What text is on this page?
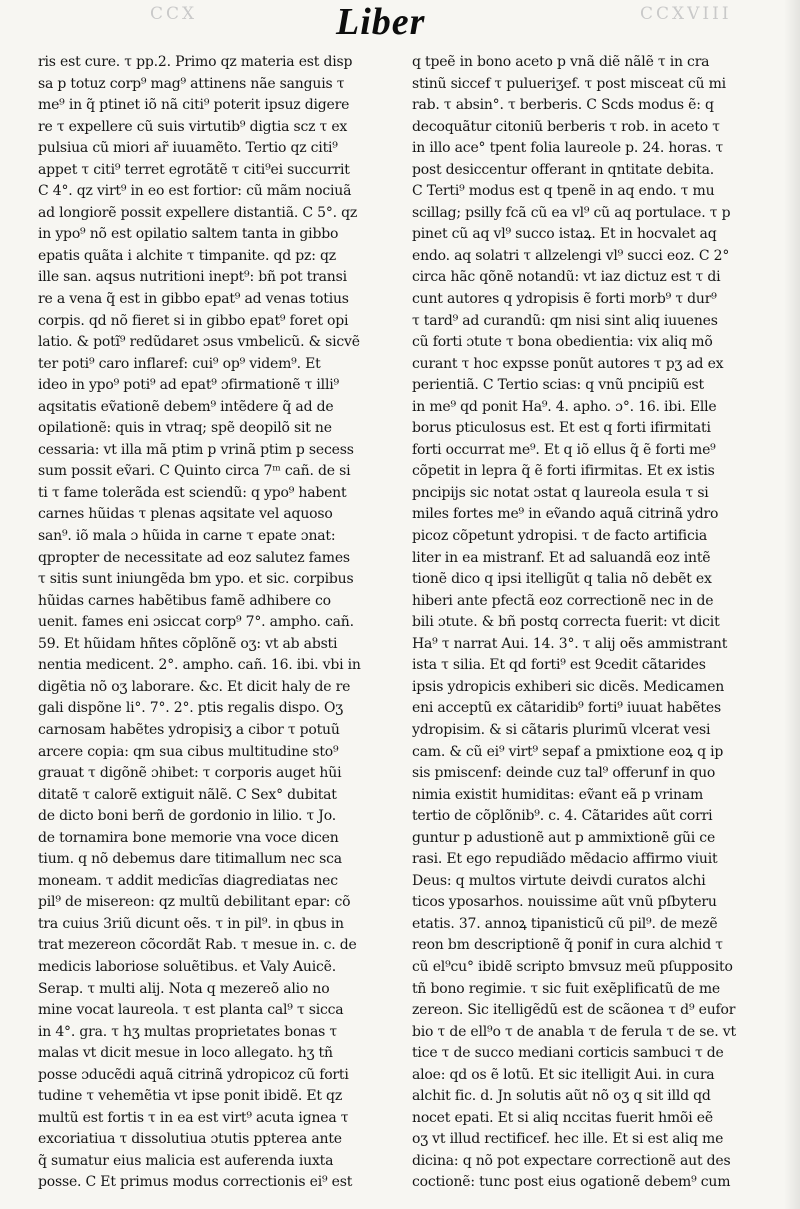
CCX	CCXVIII
Liber
ris est cure. τ pp.2. Primo qz materia est disp
sa p totuz corp⁹ mag⁹ attinens nãe sanguis τ
me⁹ in q̃ ptinet iõ nã citi⁹ poterit ipsuz digere
re τ expellere cũ suis virtutib⁹ digtia scz τ ex
pulsiua cũ miori ar̃ iuuamẽto. Tertio qz citi⁹
appet τ citi⁹ terret egrotãtẽ τ citi⁹ei succurrit
C 4°. qz virt⁹ in eo est fortior: cũ mãm nociuã
ad longiorẽ possit expellere distantiã. C 5°. qz
in ypo⁹ nõ est opilatio saltem tanta in gibbo
epatis quãta i alchite τ timpanite. qd pz: qz
ille san. aqsus nutritioni inept⁹: bñ pot transi
re a vena q̃ est in gibbo epat⁹ ad venas totius
corpis. qd nõ fieret si in gibbo epat⁹ foret opi
latio. & potĩ⁹ redũdaret ɔsus vmbelicũ. & sicvẽ
ter poti⁹ caro inflaref: cui⁹ op⁹ videm⁹. Et
ideo in ypo⁹ poti⁹ ad epat⁹ ɔfirmationẽ τ illi⁹
aqsitatis eṽationẽ debem⁹ intẽdere q̃ ad de
opilationẽ: quis in vtraq; spẽ deopilõ sit ne
cessaria: vt illa mã ptim p vrinã ptim p secess
sum possit eṽari. C Quinto circa 7ᵐ cañ. de si
ti τ fame tolerãda est sciendũ: q ypo⁹ habent
carnes hũidas τ plenas aqsitate vel aquoso
san⁹. iõ mala ɔ hũida in carne τ epate ɔnat:
qpropter de necessitate ad eoz salutez fames
τ sitis sunt iniungẽda bm ypo. et sic. corpibus
hũidas carnes habẽtibus famẽ adhibere co
uenit. fames eni ɔsiccat corp⁹ 7°. ampho. cañ.
59. Et hũidam hñtes cõplõnẽ oʒ: vt ab absti
nentia medicent. 2°. ampho. cañ. 16. ibi. vbi in
digẽtia nõ oʒ laborare. &c. Et dicit haly de re
gali dispõne li°. 7°. 2°. ptis regalis dispo. Oʒ
carnosam habẽtes ydropisiʒ a cibor τ potuũ
arcere copia: qm sua cibus multitudine sto⁹
grauat τ digõnẽ ɔhibet: τ corporis auget hũi
ditatẽ τ calorẽ extiguit nãlẽ. C Sex° dubitat
de dicto boni berñ de gordonio in lilio. τ Jo.
de tornamira bone memorie vna voce dicen
tium. q nõ debemus dare titimallum nec sca
moneam. τ addit medicĩas diagrediatas nec
pil⁹ de misereon: qz multũ debilitant epar: cõ
tra cuius 3riũ dicunt oẽs. τ in pil⁹. in qbus in
trat mezereon cõcordãt Rab. τ mesue in. c. de
medicis laboriose soluẽtibus. et Valy Auicẽ.
Serap. τ multi alij. Nota q mezereõ alio no
mine vocat laureola. τ est planta cal⁹ τ sicca
in 4°. gra. τ hʒ multas proprietates bonas τ
malas vt dicit mesue in loco allegato. hʒ tñ
posse ɔducẽdi aquã citrinã ydropicoz cũ forti
tudine τ vehemẽtia vt ipse ponit ibidẽ. Et qz
multũ est fortis τ in ea est virt⁹ acuta ignea τ
excoriatiua τ dissolutiua ɔtutis ppterea ante
q̃ sumatur eius malicia est auferenda iuxta
posse. C Et primus modus correctionis ei⁹ est
q tpeẽ in bono aceto p vnã diẽ nãlẽ τ in cra
stinũ siccef τ pulueriʒef. τ post misceat cũ mi
rab. τ absin°. τ berberis. C Scds modus ẽ: q
decoquãtur citoniũ berberis τ rob. in aceto τ
in illo ace° tpent folia laureole p. 24. horas. τ
post desiccentur offerant in qntitate debita.
C Terti⁹ modus est q tpenẽ in aq endo. τ mu
scillag; psilly fcã cũ ea vl⁹ cũ aq portulace. τ p
pinet cũ aq vl⁹ succo istaꝝ. Et in hocvalet aq
endo. aq solatri τ allzelengi vl⁹ succi eoz. C 2°
circa hãc qõnẽ notandũ: vt iaz dictuz est τ di
cunt autores q ydropisis ẽ forti morb⁹ τ dur⁹
τ tard⁹ ad curandũ: qm nisi sint aliq iuuenes
cũ forti ɔtute τ bona obedientia: vix aliq mõ
curant τ hoc expsse ponũt autores τ pʒ ad ex
perientiã. C Tertio scias: q vnũ pncipiũ est
in me⁹ qd ponit Ha⁹. 4. apho. ɔ°. 16. ibi. Elle
borus pticulosus est. Et est q forti ifirmitati
forti occurrat me⁹. Et q iõ ellus q̃ ẽ forti me⁹
cõpetit in lepra q̃ ẽ forti ifirmitas. Et ex istis
pncipijs sic notat ɔstat q laureola esula τ si
miles fortes me⁹ in eṽando aquã citrinã ydro
picoz cõpetunt ydropisi. τ de facto artificia
liter in ea mistranf. Et ad saluandã eoz intẽ
tionẽ dico q ipsi itelligũt q talia nõ debẽt ex
hiberi ante pfectã eoz correctionẽ nec in de
bili ɔtute. & bñ postq correcta fuerit: vt dicit
Ha⁹ τ narrat Aui. 14. 3°. τ alij oẽs ammistrant
ista τ silia. Et qd forti⁹ est 9cedit cãtarides
ipsis ydropicis exhiberi sic dicẽs. Medicamen
eni acceptũ ex cãtaridib⁹ forti⁹ iuuat habẽtes
ydropisim. & si cãtaris plurimũ vlcerat vesi
cam. & cũ ei⁹ virt⁹ sepaf a pmixtione eoꝝ q ip
sis pmiscenf: deinde cuz tal⁹ offerunf in quo
nimia existit humiditas: eṽant eã p vrinam
tertio de cõplõnib⁹. c. 4. Cãtarides aũt corri
guntur p adustionẽ aut p ammixtionẽ gũi ce
rasi. Et ego repudiãdo mẽdacio affirmo viuit
Deus: q multos virtute deivdi curatos alchi
ticos yposarhos. nouissime aũt vnũ pſbyteru
etatis. 37. annoꝝ tipanisticũ cũ pil⁹. de mezẽ
reon bm descriptionẽ q̃ ponif in cura alchid τ
cũ el⁹cu° ibidẽ scripto bmvsuz meũ pſupposito
tñ bono regimie. τ sic fuit exẽplificatũ de me
zereon. Sic itelligẽdũ est de scãonea τ d⁹ eufor
bio τ de ell⁹o τ de anabla τ de ferula τ de se. vt
tice τ de succo mediani corticis sambuci τ de
aloe: qd os ẽ lotũ. Et sic itelligit Aui. in cura
alchit fic. d. Jn solutis aũt nõ oʒ q sit illd qd
nocet epati. Et si aliq nccitas fuerit hmõi eẽ
oʒ vt illud rectificef. hec ille. Et si est aliq me
dicina: q nõ pot expectare correctionẽ aut des
coctionẽ: tunc post eius ogationẽ debem⁹ cum
